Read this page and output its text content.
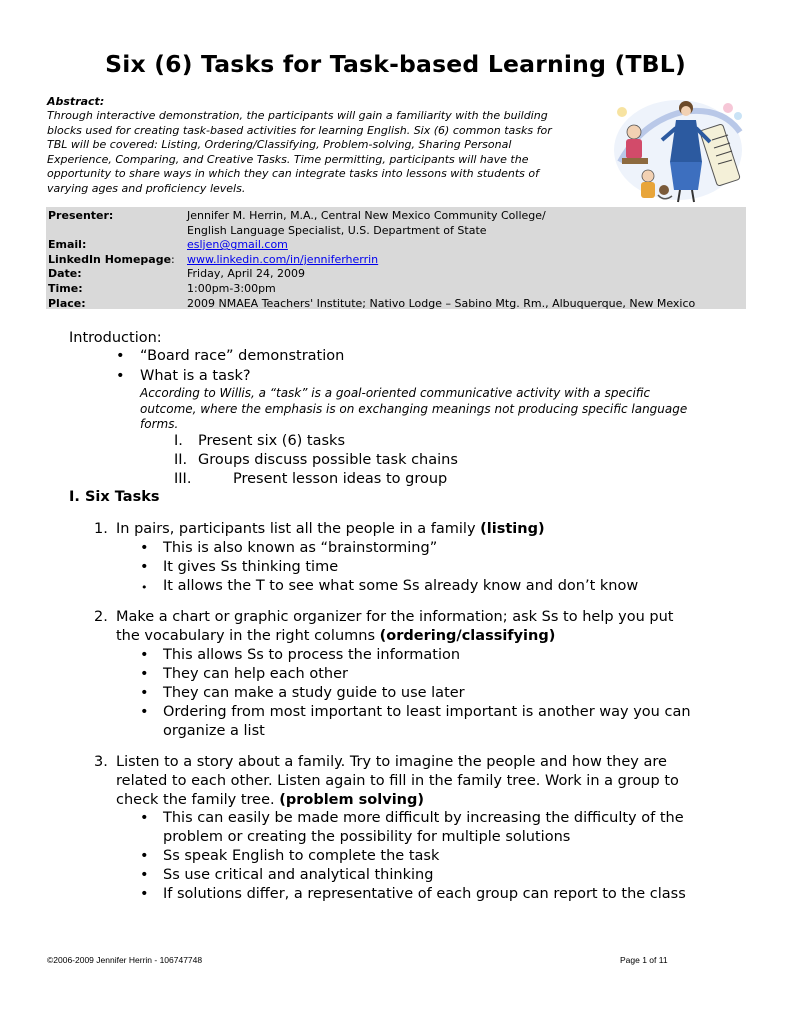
Six (6) Tasks for Task-based Learning (TBL)
Abstract:
Through interactive demonstration, the participants will gain a familiarity with the building
blocks used for creating task-based activities for learning English. Six (6) common tasks for
TBL will be covered: Listing, Ordering/Classifying, Problem-solving, Sharing Personal
Experience, Comparing, and Creative Tasks. Time permitting, participants will have the
opportunity to share ways in which they can integrate tasks into lessons with students of
varying ages and proficiency levels.
Presenter:	Jennifer M. Herrin, M.A., Central New Mexico Community College/
English Language Specialist, U.S. Department of State
Email:	esljen@gmail.com
LinkedIn Homepage: www.linkedin.com/in/jenniferherrin
Date:	Friday, April 24, 2009
Time:	1:00pm-3:00pm
Place:	2009 NMAEA Teachers' Institute; Nativo Lodge – Sabino Mtg. Rm., Albuquerque, New Mexico
Introduction:
• “Board race” demonstration
• What is a task?
According to Willis, a “task” is a goal-oriented communicative activity with a specific
outcome, where the emphasis is on exchanging meanings not producing specific language
forms.
I. Present six (6) tasks
II. Groups discuss possible task chains
III.	Present lesson ideas to group
I. Six Tasks
1. In pairs, participants list all the people in a family (listing)
• This is also known as “brainstorming”
• It gives Ss thinking time
• It allows the T to see what some Ss already know and don’t know
2. Make a chart or graphic organizer for the information; ask Ss to help you put
the vocabulary in the right columns (ordering/classifying)
• This allows Ss to process the information
• They can help each other
• They can make a study guide to use later
• Ordering from most important to least important is another way you can
organize a list
3. Listen to a story about a family. Try to imagine the people and how they are
related to each other. Listen again to fill in the family tree. Work in a group to
check the family tree. (problem solving)
• This can easily be made more difficult by increasing the difficulty of the
problem or creating the possibility for multiple solutions
• Ss speak English to complete the task
• Ss use critical and analytical thinking
• If solutions differ, a representative of each group can report to the class
©2006-2009 Jennifer Herrin - 106747748	Page 1 of 11
